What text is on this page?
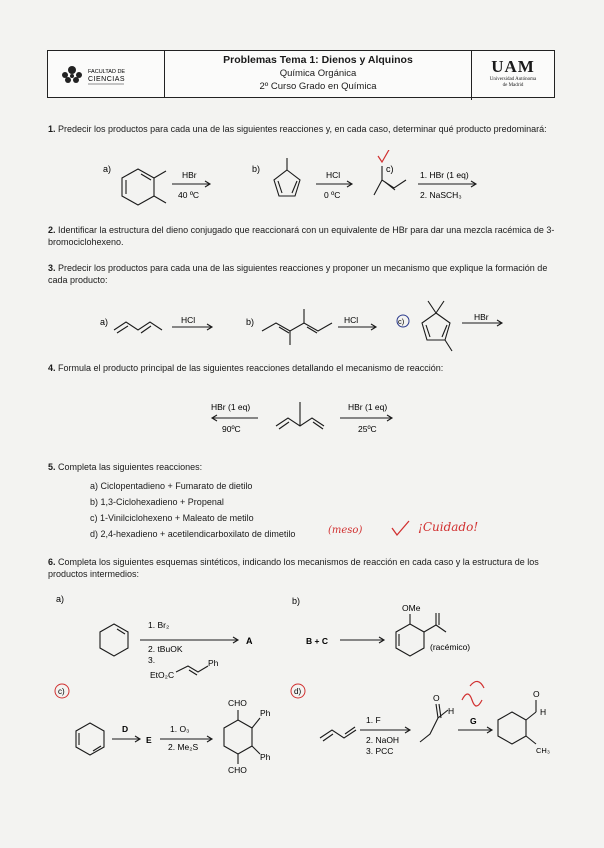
FACULTAD DE
CIENCIAS
Problemas Tema 1: Dienos y Alquinos
Química Orgánica
2º Curso Grado en Química
UAM
Universidad Autónoma
de Madrid
1. Predecir los productos para cada una de las siguientes reacciones y, en cada caso, determinar qué producto predominará:
a)
HBr
40 ºC
b)
HCl
0 ºC
c)
1. HBr (1 eq)
2. NaSCH₃
2. Identificar la estructura del dieno conjugado que reaccionará con un equivalente de HBr para dar una mezcla racémica de 3-bromociclohexeno.
3. Predecir los productos para cada una de las siguientes reacciones y proponer un mecanismo que explique la formación de cada producto:
a)	HCl	b)	HCl	c)	HBr
4. Formula el producto principal de las siguientes reacciones detallando el mecanismo de reacción:
HBr (1 eq)
90ºC
HBr (1 eq)
25ºC
5. Completa las siguientes reacciones:
a) Ciclopentadieno + Fumarato de dietilo
b) 1,3-Ciclohexadieno + Propenal
c) 1-Vinilciclohexeno + Maleato de metilo
d) 2,4-hexadieno + acetilendicarboxilato de dimetilo	(meso)	¡Cuidado!
6. Completa los siguientes esquemas sintéticos, indicando los mecanismos de reacción en cada caso y la estructura de los productos intermedios:
a)
1. Br₂
2. tBuOK
3.
EtO₂C
Ph
A
b)
B + C
OMe
(racémico)
c)
D
E
1. O₃
2. Me₂S
CHO
CHO
Ph
Ph
d)
1. F
2. NaOH
3. PCC
O
H
G
O
H
CH₃
